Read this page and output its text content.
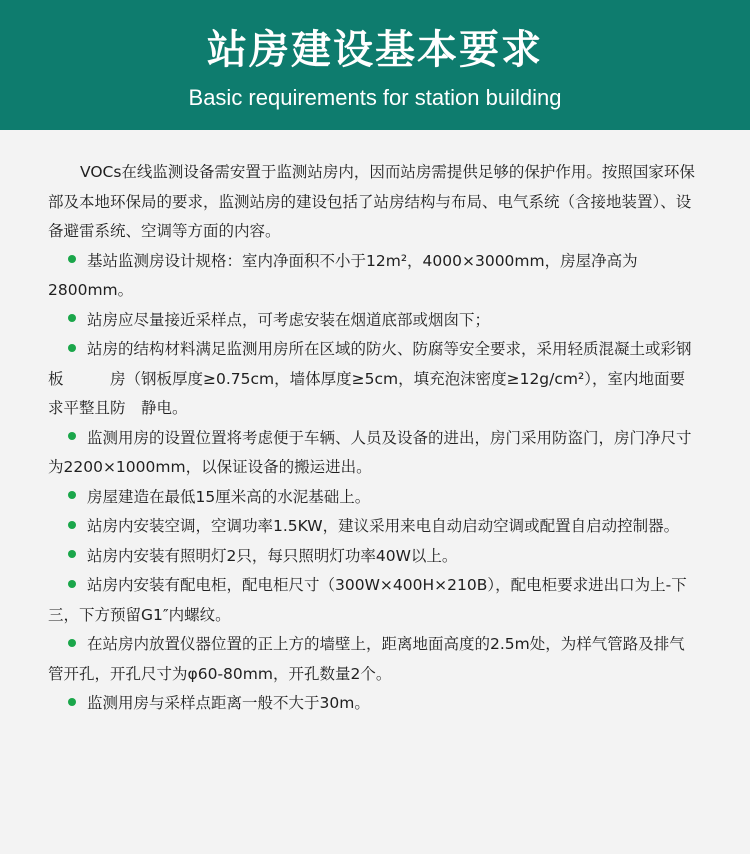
站房建设基本要求
Basic requirements for station building

VOCs在线监测设备需安置于监测站房内，因而站房需提供足够的保护作用。按照国家环保部及本地环保局的要求，监测站房的建设包括了站房结构与布局、电气系统（含接地装置）、设备避雷系统、空调等方面的内容。

基站监测房设计规格：室内净面积不小于12m²，4000×3000mm，房屋净高为2800mm。

站房应尽量接近采样点，可考虑安装在烟道底部或烟囱下；

站房的结构材料满足监测用房所在区域的防火、防腐等安全要求，采用轻质混凝土或彩钢板　　　房（钢板厚度≥0.75cm，墙体厚度≥5cm，填充泡沫密度≥12g/cm²），室内地面要求平整且防　静电。

监测用房的设置位置将考虑便于车辆、人员及设备的进出，房门采用防盗门，房门净尺寸为2200×1000mm，以保证设备的搬运进出。

房屋建造在最低15厘米高的水泥基础上。

站房内安装空调，空调功率1.5KW，建议采用来电自动启动空调或配置自启动控制器。

站房内安装有照明灯2只，每只照明灯功率40W以上。

站房内安装有配电柜，配电柜尺寸（300W×400H×210B），配电柜要求进出口为上-下三，下方预留G1″内螺纹。

在站房内放置仪器位置的正上方的墙壁上，距离地面高度的2.5m处，为样气管路及排气管开孔，开孔尺寸为φ60-80mm，开孔数量2个。

监测用房与采样点距离一般不大于30m。
